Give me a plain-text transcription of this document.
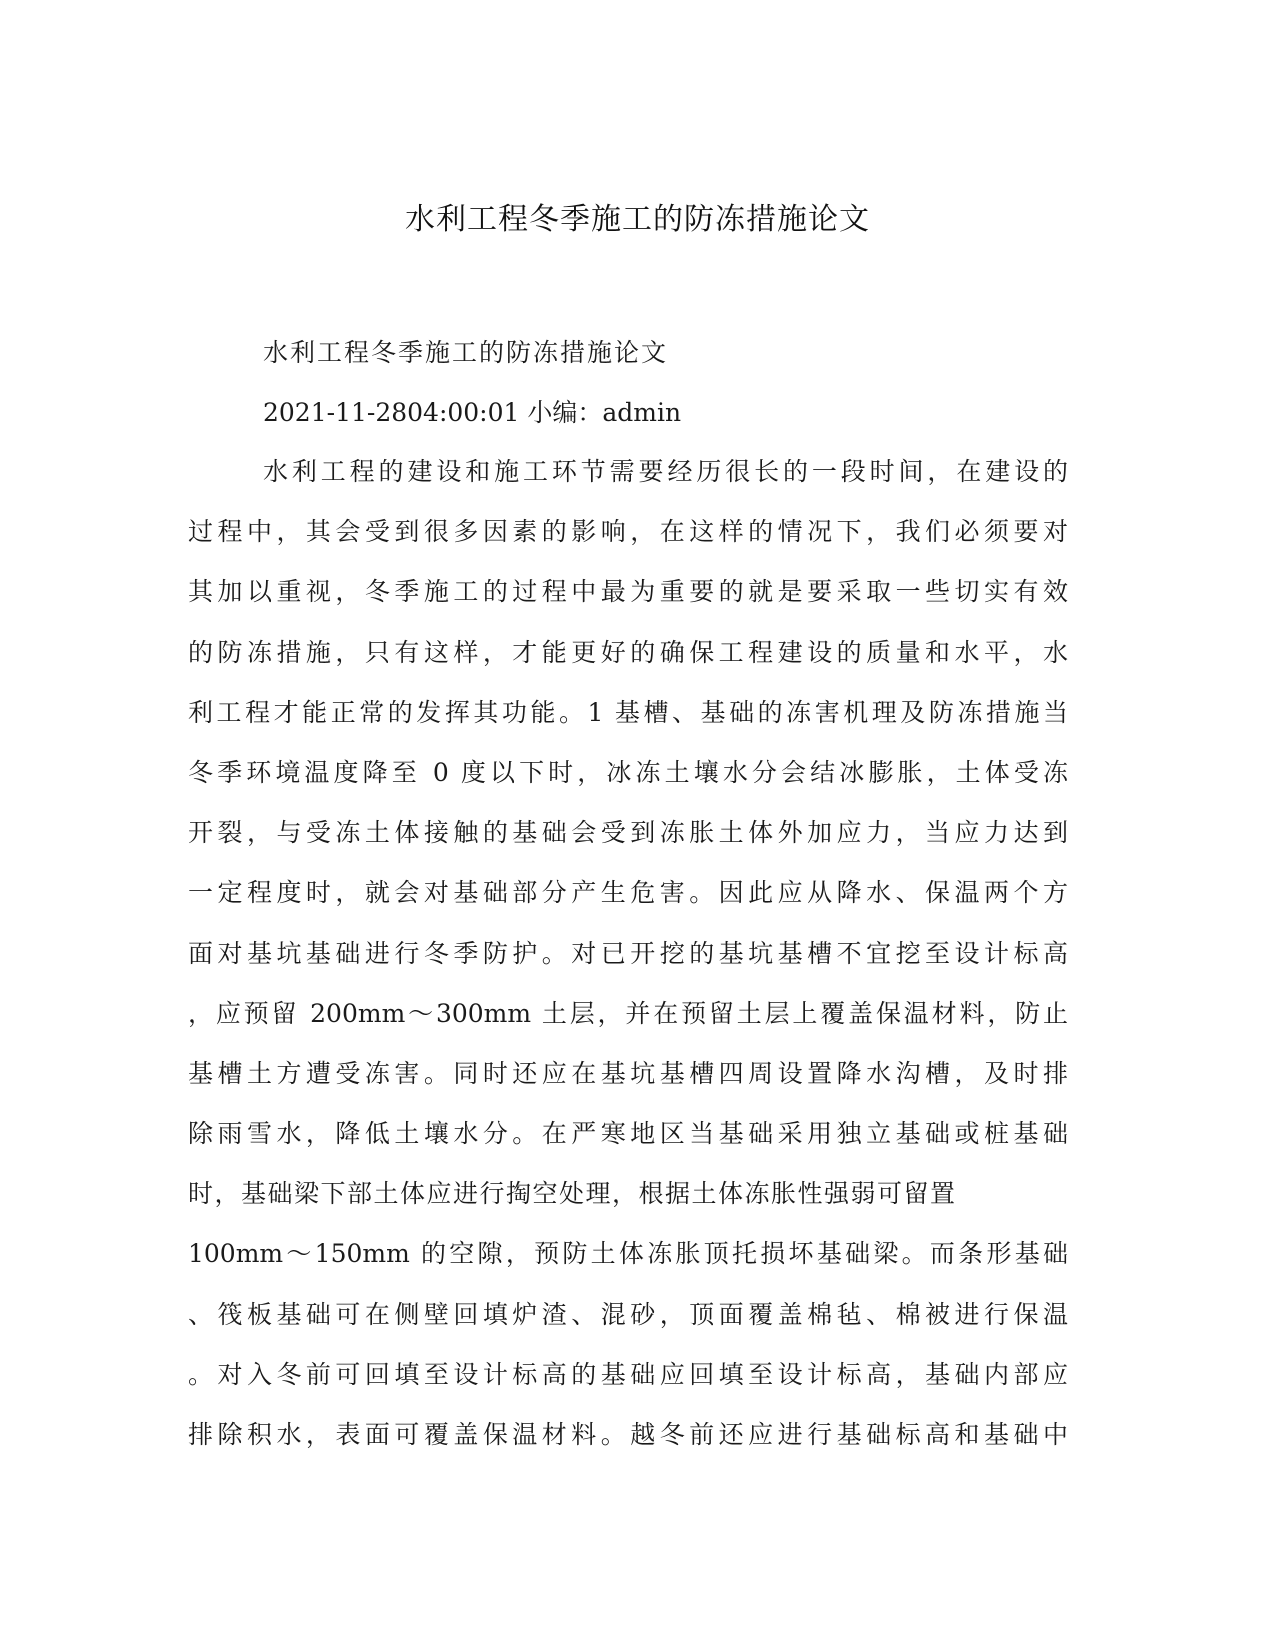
水利工程冬季施工的防冻措施论文
水利工程冬季施工的防冻措施论文
2021-11-2804:00:01 小编：admin
水利工程的建设和施工环节需要经历很长的一段时间，在建设的
过程中，其会受到很多因素的影响，在这样的情况下，我们必须要对
其加以重视，冬季施工的过程中最为重要的就是要采取一些切实有效
的防冻措施，只有这样，才能更好的确保工程建设的质量和水平，水
利工程才能正常的发挥其功能。1 基槽、基础的冻害机理及防冻措施当
冬季环境温度降至 0 度以下时，冰冻土壤水分会结冰膨胀，土体受冻
开裂，与受冻土体接触的基础会受到冻胀土体外加应力，当应力达到
一定程度时，就会对基础部分产生危害。因此应从降水、保温两个方
面对基坑基础进行冬季防护。对已开挖的基坑基槽不宜挖至设计标高
，应预留 200mm～300mm 土层，并在预留土层上覆盖保温材料，防止
基槽土方遭受冻害。同时还应在基坑基槽四周设置降水沟槽，及时排
除雨雪水，降低土壤水分。在严寒地区当基础采用独立基础或桩基础
时，基础梁下部土体应进行掏空处理，根据土体冻胀性强弱可留置
100mm～150mm 的空隙，预防土体冻胀顶托损坏基础梁。而条形基础
、筏板基础可在侧壁回填炉渣、混砂，顶面覆盖棉毡、棉被进行保温
。对入冬前可回填至设计标高的基础应回填至设计标高，基础内部应
排除积水，表面可覆盖保温材料。越冬前还应进行基础标高和基础中
